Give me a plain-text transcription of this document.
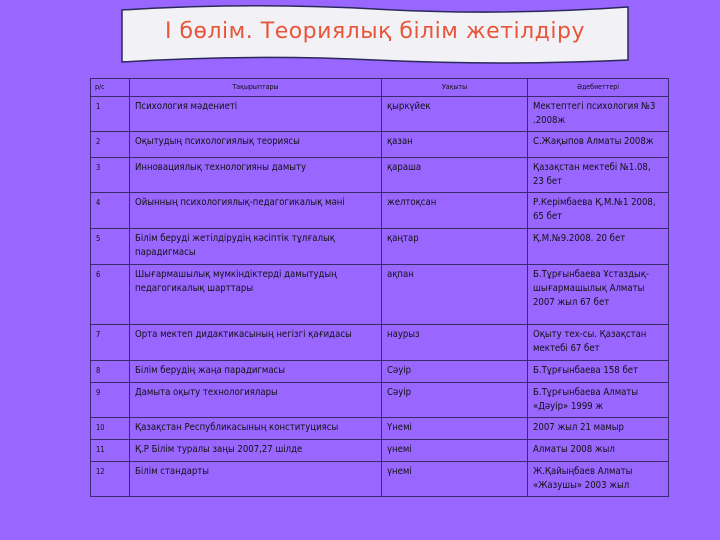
І бөлім. Теориялық білім жетілдіру
р/с	Тақырыптары	Уақыты	Әдебиеттері
1	Психология мәдениеті	қыркүйек	Мектептегі психология №3 .2008ж
2	Оқытудың психологиялық теориясы	қазан	С.Жақыпов Алматы 2008ж
3	Инновациялық технологияны дамыту	қараша	Қазақстан мектебі №1.08, 23 бет
4	Ойынның психологиялық-педагогикалық мәні	желтоқсан	Р.Керімбаева Қ.М.№1 2008, 65 бет
5	Білім беруді жетілдірудің кәсіптік тұлғалық парадигмасы	қаңтар	Қ.М.№9.2008. 20 бет
6	Шығармашылық мүмкіндіктерді дамытудың педагогикалық шарттары	ақпан	Б.Тұрғынбаева Ұстаздық-шығармашылық Алматы 2007 жыл 67 бет
7	Орта мектеп дидактикасының негізгі қағидасы	наурыз	Оқыту тех-сы. Қазақстан мектебі 67 бет
8	Білім берудің жаңа парадигмасы	Сәуір	Б.Тұрғынбаева 158 бет
9	Дамыта оқыту технологиялары	Сәуір	Б.Тұрғынбаева Алматы «Дәуір» 1999 ж
10	Қазақстан Республикасының конституциясы	Үнемі	2007 жыл 21 мамыр
11	Қ.Р Білім туралы заңы 2007,27 шілде	үнемі	Алматы 2008 жыл
12	Білім стандарты	үнемі	Ж.Қайыңбаев Алматы «Жазушы» 2003 жыл
